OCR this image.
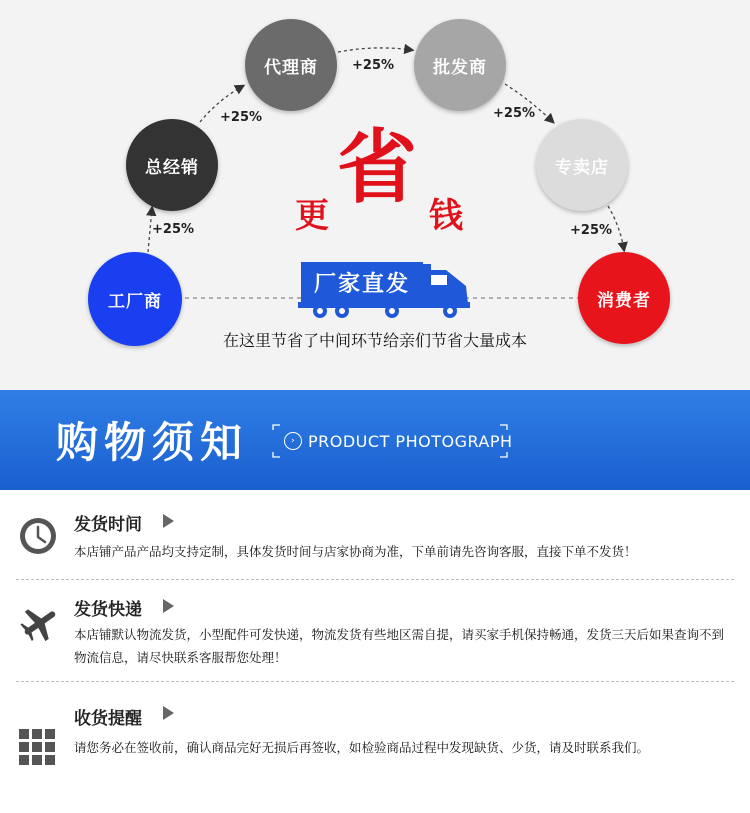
工厂商
总经销
代理商	批发商
专卖店
消费者
+25%
+25%
+25%
+25%
+25%
更
省
钱
厂家直发
在这里节省了中间环节给亲们节省大量成本
购物须知	› PRODUCT PHOTOGRAPH
发货时间
本店铺产品产品均支持定制，具体发货时间与店家协商为准，下单前请先咨询客服，直接下单不发货！
发货快递
本店铺默认物流发货，小型配件可发快递，物流发货有些地区需自提，请买家手机保持畅通，发货三天后如果查询不到物流信息，请尽快联系客服帮您处理！
收货提醒
请您务必在签收前，确认商品完好无损后再签收，如检验商品过程中发现缺货、少货，请及时联系我们。
